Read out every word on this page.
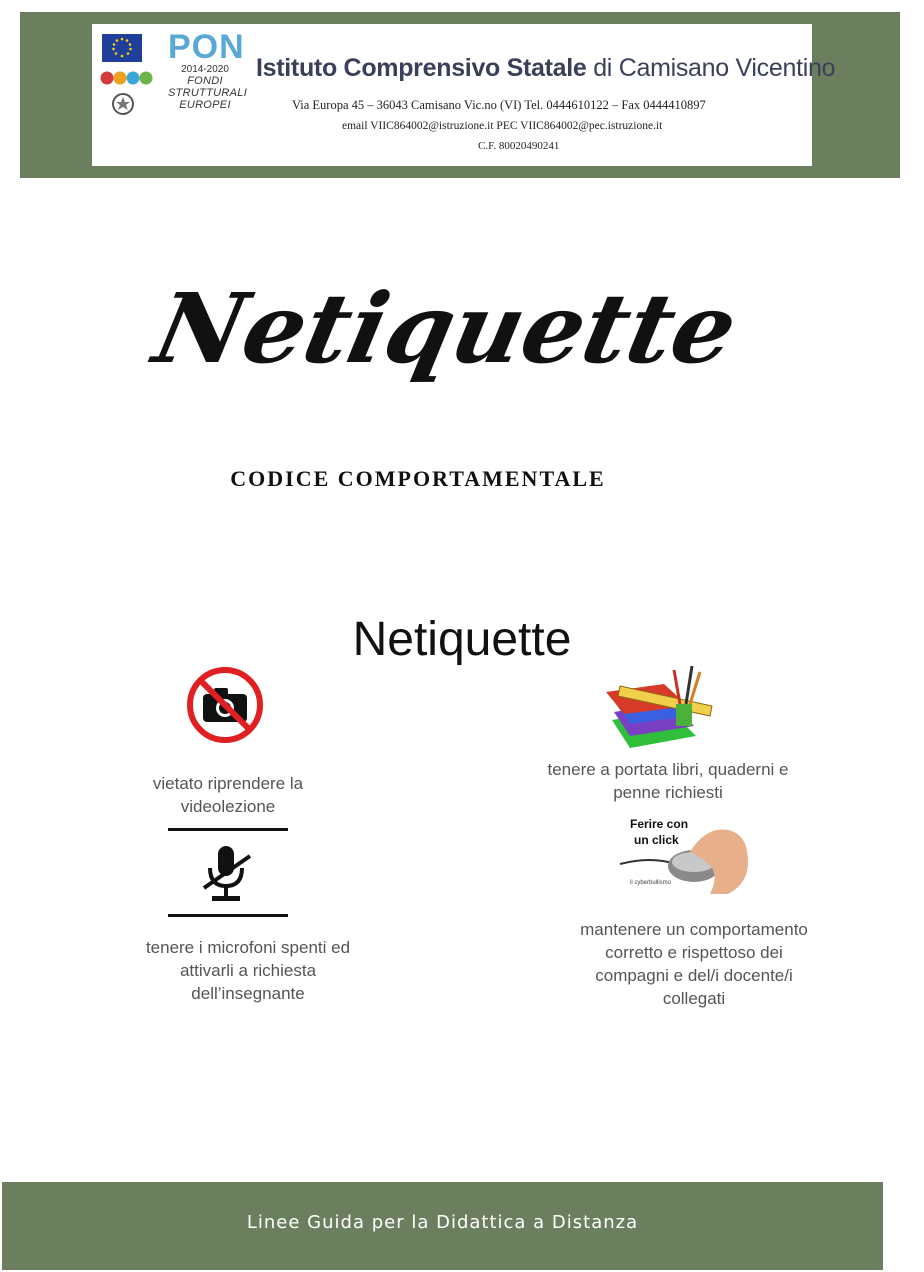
PON
2014-2020
FONDI
STRUTTURALI
EUROPEI
Istituto Comprensivo Statale di Camisano Vicentino
Via Europa 45 – 36043 Camisano Vic.no (VI) Tel. 0444610122 – Fax 0444410897
email VIIC864002@istruzione.it PEC VIIC864002@pec.istruzione.it
C.F. 80020490241
Netiquette
CODICE COMPORTAMENTALE
Netiquette
vietato riprendere la videolezione
tenere i microfoni spenti ed attivarli a richiesta dell’insegnante
tenere a portata libri, quaderni e penne richiesti
Ferire con
un click
il cyberbullismo
mantenere un comportamento corretto e rispettoso dei compagni e del/i docente/i collegati
Linee Guida per la Didattica a Distanza
